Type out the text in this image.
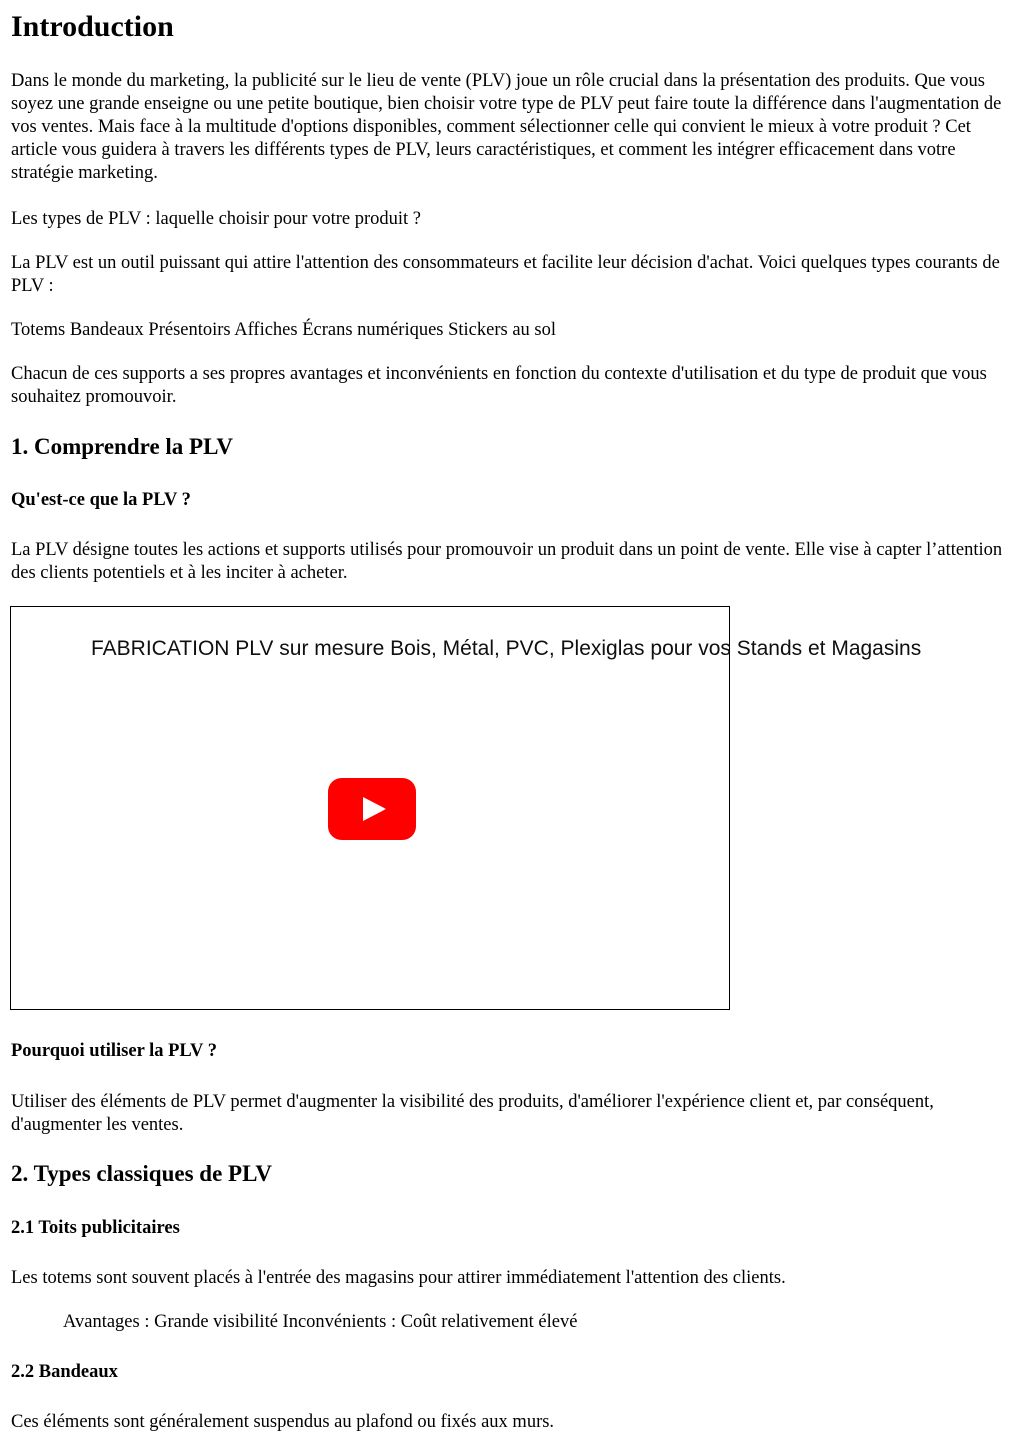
Introduction

Dans le monde du marketing, la publicité sur le lieu de vente (PLV) joue un rôle crucial dans la présentation des produits. Que vous soyez une grande enseigne ou une petite boutique, bien choisir votre type de PLV peut faire toute la différence dans l'augmentation de vos ventes. Mais face à la multitude d'options disponibles, comment sélectionner celle qui convient le mieux à votre produit ? Cet article vous guidera à travers les différents types de PLV, leurs caractéristiques, et comment les intégrer efficacement dans votre stratégie marketing.

Les types de PLV : laquelle choisir pour votre produit ?

La PLV est un outil puissant qui attire l'attention des consommateurs et facilite leur décision d'achat. Voici quelques types courants de PLV :

Totems Bandeaux Présentoirs Affiches Écrans numériques Stickers au sol

Chacun de ces supports a ses propres avantages et inconvénients en fonction du contexte d'utilisation et du type de produit que vous souhaitez promouvoir.

1. Comprendre la PLV
Qu'est-ce que la PLV ?

La PLV désigne toutes les actions et supports utilisés pour promouvoir un produit dans un point de vente. Elle vise à capter l’attention des clients potentiels et à les inciter à acheter.

FABRICATION PLV sur mesure Bois, Métal, PVC, Plexiglas pour vos Stands et Magasins
Pourquoi utiliser la PLV ?

Utiliser des éléments de PLV permet d'augmenter la visibilité des produits, d'améliorer l'expérience client et, par conséquent, d'augmenter les ventes.

2. Types classiques de PLV
2.1 Toits publicitaires

Les totems sont souvent placés à l'entrée des magasins pour attirer immédiatement l'attention des clients.

Avantages : Grande visibilité Inconvénients : Coût relativement élevé

2.2 Bandeaux

Ces éléments sont généralement suspendus au plafond ou fixés aux murs.
